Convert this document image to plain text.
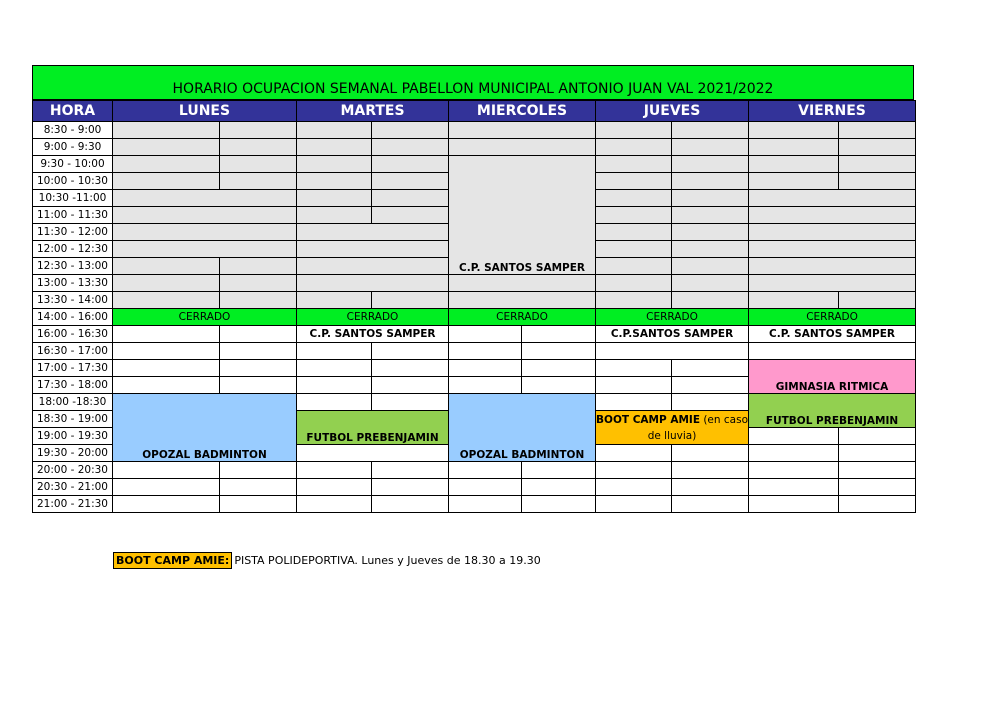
HORARIO OCUPACION SEMANAL PABELLON MUNICIPAL ANTONIO JUAN VAL 2021/2022
HORA	LUNES		MARTES		MIERCOLES		JUEVES		VIERNES	
8:30 - 9:00										
9:00 - 9:30										
9:30 - 10:00					C.P. SANTOS SAMPER					
10:00 - 10:30										
10:30 -11:00										
11:00 - 11:30										
11:30 - 12:00										
12:00 - 12:30										
12:30 - 13:00										
13:00 - 13:30										
13:30 - 14:00										
14:00 - 16:00	CERRADO		CERRADO		CERRADO		CERRADO		CERRADO	
16:00 - 16:30			C.P. SANTOS SAMPER				C.P.SANTOS SAMPER		C.P. SANTOS SAMPER	
16:30 - 17:00										
17:00 - 17:30									GIMNASIA RITMICA	
17:30 - 18:00										
18:00 -18:30	OPOZAL BADMINTON				OPOZAL BADMINTON				FUTBOL PREBENJAMIN	
18:30 - 19:00			FUTBOL PREBENJAMIN				BOOT CAMP AMIE (en caso de lluvia)			
19:00 - 19:30										
19:30 - 20:00										
20:00 - 20:30										
20:30 - 21:00										
21:00 - 21:30										
BOOT CAMP AMIE: PISTA POLIDEPORTIVA. Lunes y Jueves de 18.30 a 19.30
